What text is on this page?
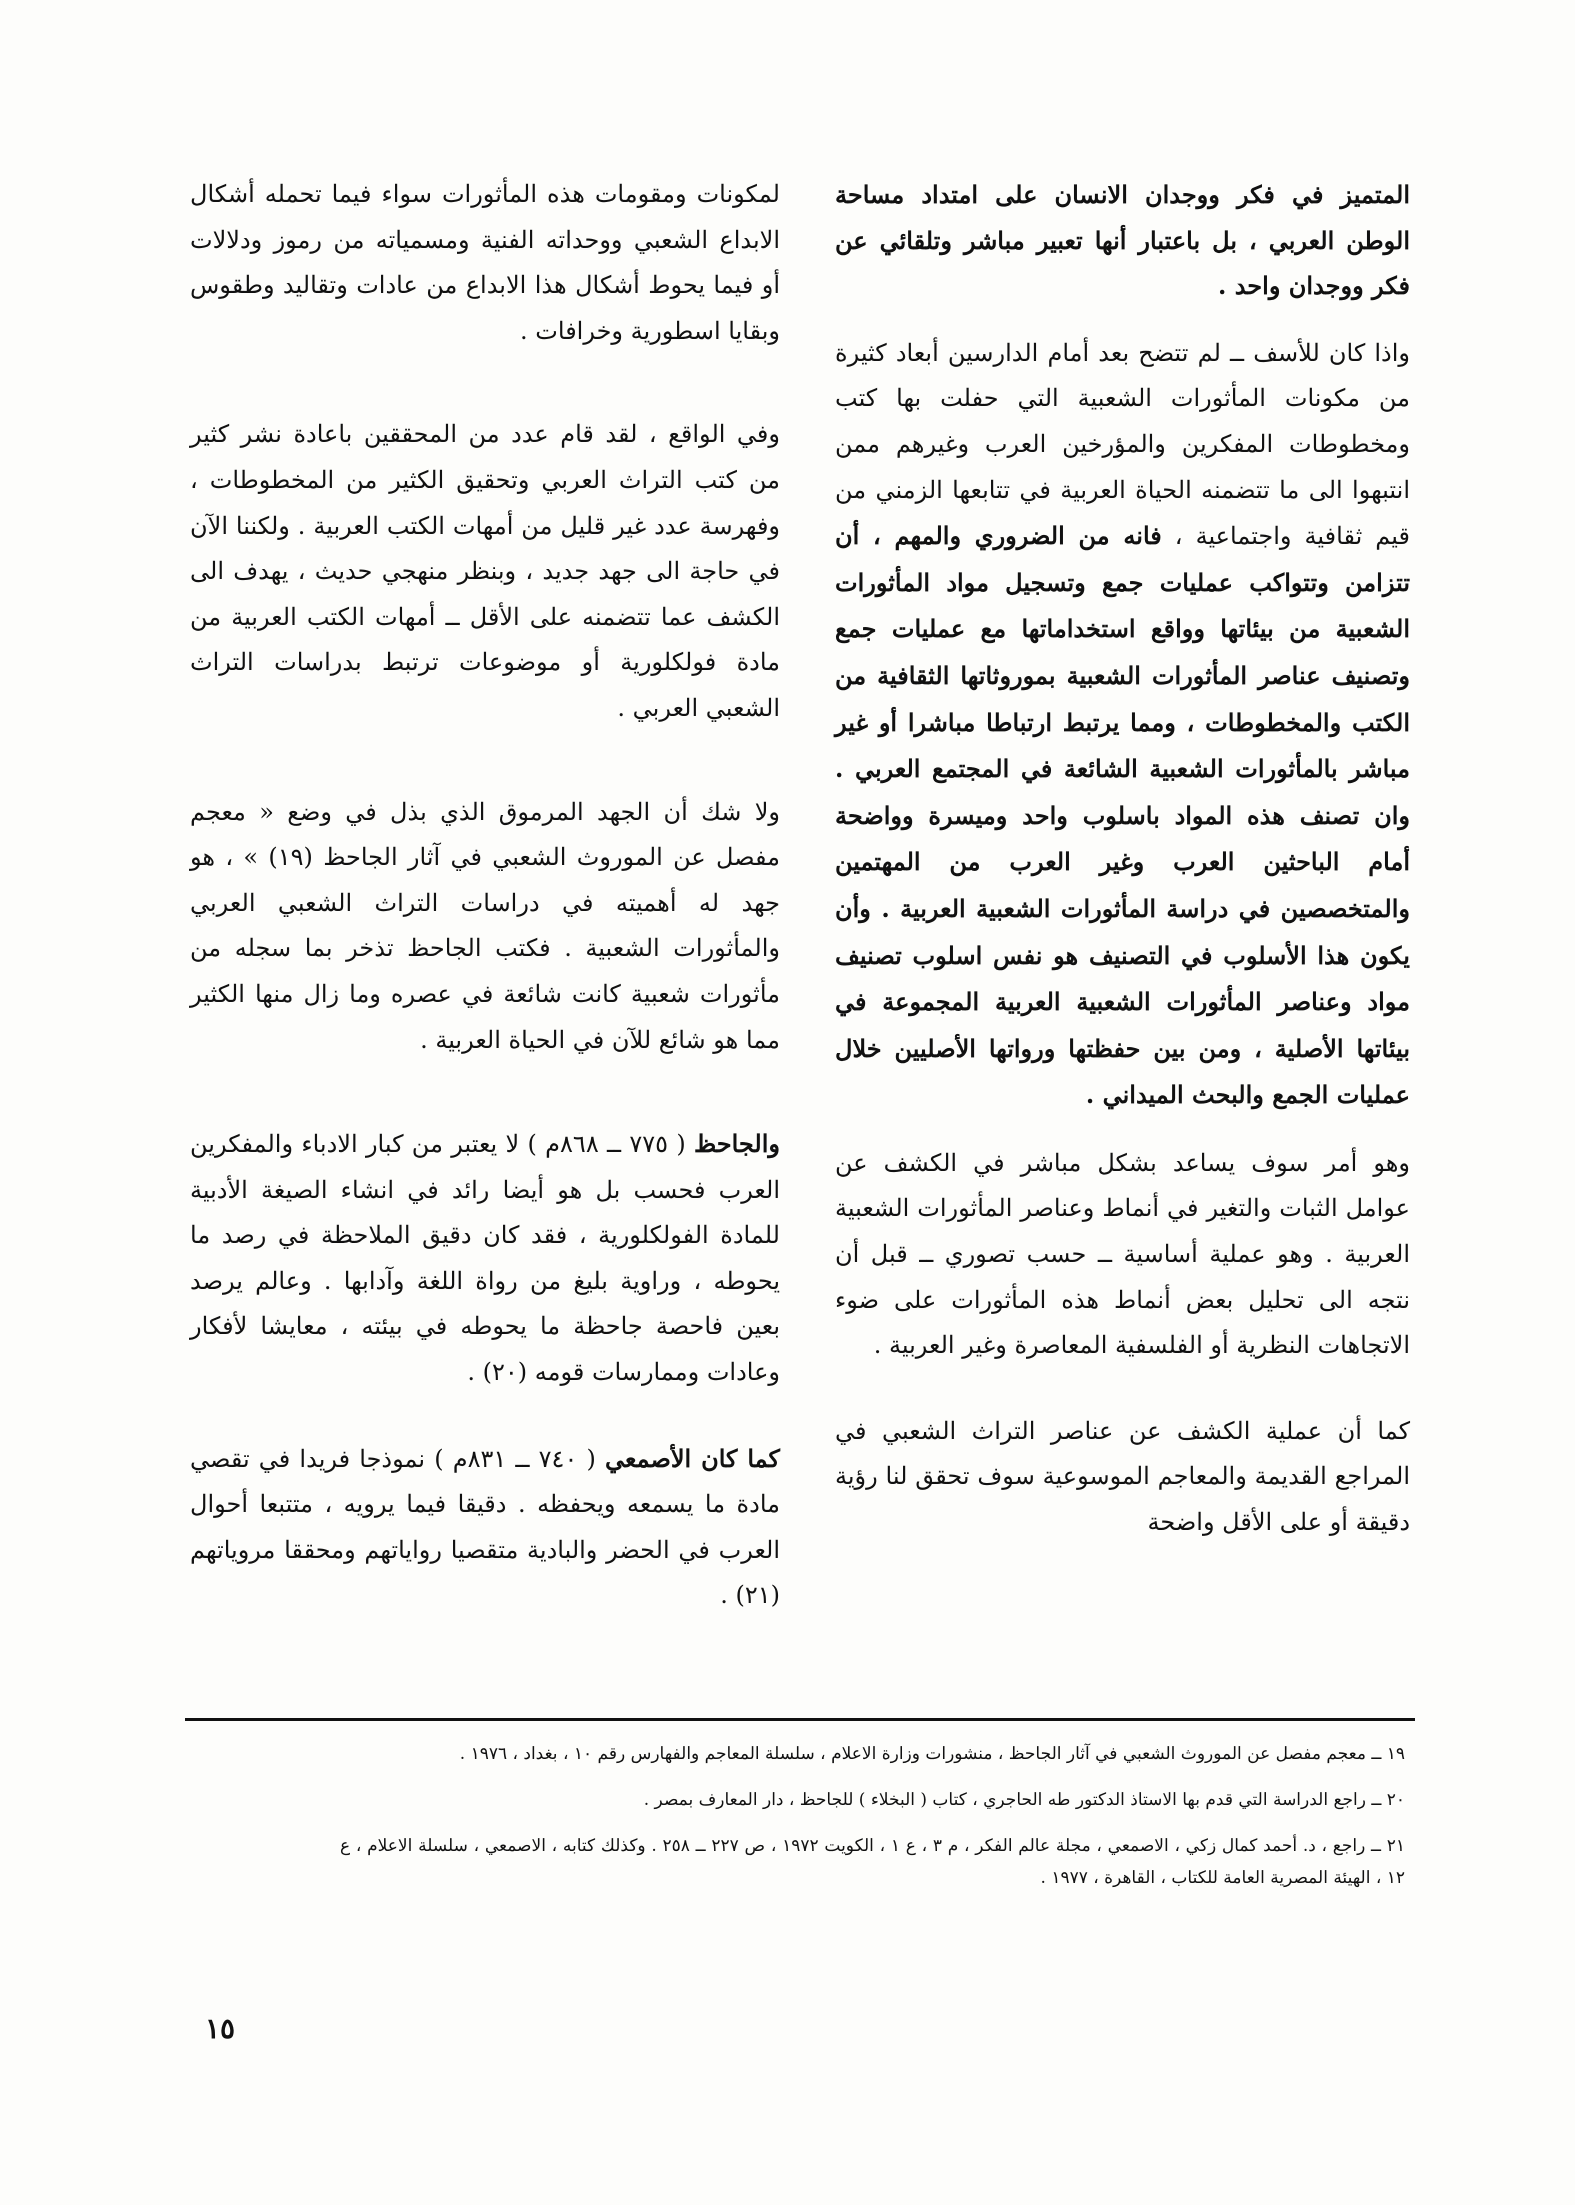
المتميز في فكر ووجدان الانسان على امتداد مساحة الوطن العربي ، بل باعتبار أنها تعبير مباشر وتلقائي عن فكر ووجدان واحد .

واذا كان للأسف ــ لم تتضح بعد أمام الدارسين أبعاد كثيرة من مكونات المأثورات الشعبية التي حفلت بها كتب ومخطوطات المفكرين والمؤرخين العرب وغيرهم ممن انتبهوا الى ما تتضمنه الحياة العربية في تتابعها الزمني من قيم ثقافية واجتماعية ، فانه من الضروري والمهم ، أن تتزامن وتتواكب عمليات جمع وتسجيل مواد المأثورات الشعبية من بيئاتها وواقع استخداماتها مع عمليات جمع وتصنيف عناصر المأثورات الشعبية بموروثاتها الثقافية من الكتب والمخطوطات ، ومما يرتبط ارتباطا مباشرا أو غير مباشر بالمأثورات الشعبية الشائعة في المجتمع العربي . وان تصنف هذه المواد باسلوب واحد وميسرة وواضحة أمام الباحثين العرب وغير العرب من المهتمين والمتخصصين في دراسة المأثورات الشعبية العربية . وأن يكون هذا الأسلوب في التصنيف هو نفس اسلوب تصنيف مواد وعناصر المأثورات الشعبية العربية المجموعة في بيئاتها الأصلية ، ومن بين حفظتها ورواتها الأصليين خلال عمليات الجمع والبحث الميداني .

وهو أمر سوف يساعد بشكل مباشر في الكشف عن عوامل الثبات والتغير في أنماط وعناصر المأثورات الشعبية العربية . وهو عملية أساسية ــ حسب تصوري ــ قبل أن نتجه الى تحليل بعض أنماط هذه المأثورات على ضوء الاتجاهات النظرية أو الفلسفية المعاصرة وغير العربية .

كما أن عملية الكشف عن عناصر التراث الشعبي في المراجع القديمة والمعاجم الموسوعية سوف تحقق لنا رؤية دقيقة أو على الأقل واضحة

لمكونات ومقومات هذه المأثورات سواء فيما تحمله أشكال الابداع الشعبي ووحداته الفنية ومسمياته من رموز ودلالات أو فيما يحوط أشكال هذا الابداع من عادات وتقاليد وطقوس وبقايا اسطورية وخرافات .

وفي الواقع ، لقد قام عدد من المحققين باعادة نشر كثير من كتب التراث العربي وتحقيق الكثير من المخطوطات ، وفهرسة عدد غير قليل من أمهات الكتب العربية . ولكننا الآن في حاجة الى جهد جديد ، وبنظر منهجي حديث ، يهدف الى الكشف عما تتضمنه على الأقل ــ أمهات الكتب العربية من مادة فولكلورية أو موضوعات ترتبط بدراسات التراث الشعبي العربي .

ولا شك أن الجهد المرموق الذي بذل في وضع « معجم مفصل عن الموروث الشعبي في آثار الجاحظ (١٩) » ، هو جهد له أهميته في دراسات التراث الشعبي العربي والمأثورات الشعبية . فكتب الجاحظ تذخر بما سجله من مأثورات شعبية كانت شائعة في عصره وما زال منها الكثير مما هو شائع للآن في الحياة العربية .

والجاحظ ( ٧٧٥ ــ ٨٦٨م ) لا يعتبر من كبار الادباء والمفكرين العرب فحسب بل هو أيضا رائد في انشاء الصيغة الأدبية للمادة الفولكلورية ، فقد كان دقيق الملاحظة في رصد ما يحوطه ، وراوية بليغ من رواة اللغة وآدابها . وعالم يرصد بعين فاحصة جاحظة ما يحوطه في بيئته ، معايشا لأفكار وعادات وممارسات قومه (٢٠) .

كما كان الأصمعي ( ٧٤٠ ــ ٨٣١م ) نموذجا فريدا في تقصي مادة ما يسمعه ويحفظه . دقيقا فيما يرويه ، متتبعا أحوال العرب في الحضر والبادية متقصيا رواياتهم ومحققا مروياتهم (٢١) .

١٩ ــ معجم مفصل عن الموروث الشعبي في آثار الجاحظ ، منشورات وزارة الاعلام ، سلسلة المعاجم والفهارس رقم ١٠ ، بغداد ، ١٩٧٦ .

٢٠ ــ راجع الدراسة التي قدم بها الاستاذ الدكتور طه الحاجري ، كتاب ( البخلاء ) للجاحظ ، دار المعارف بمصر .

٢١ ــ راجع ، د. أحمد كمال زكي ، الاصمعي ، مجلة عالم الفكر ، م ٣ ، ع ١ ، الكويت ١٩٧٢ ، ص ٢٢٧ ــ ٢٥٨ . وكذلك كتابه ، الاصمعي ، سلسلة الاعلام ، ع ١٢ ، الهيئة المصرية العامة للكتاب ، القاهرة ، ١٩٧٧ .

١٥
